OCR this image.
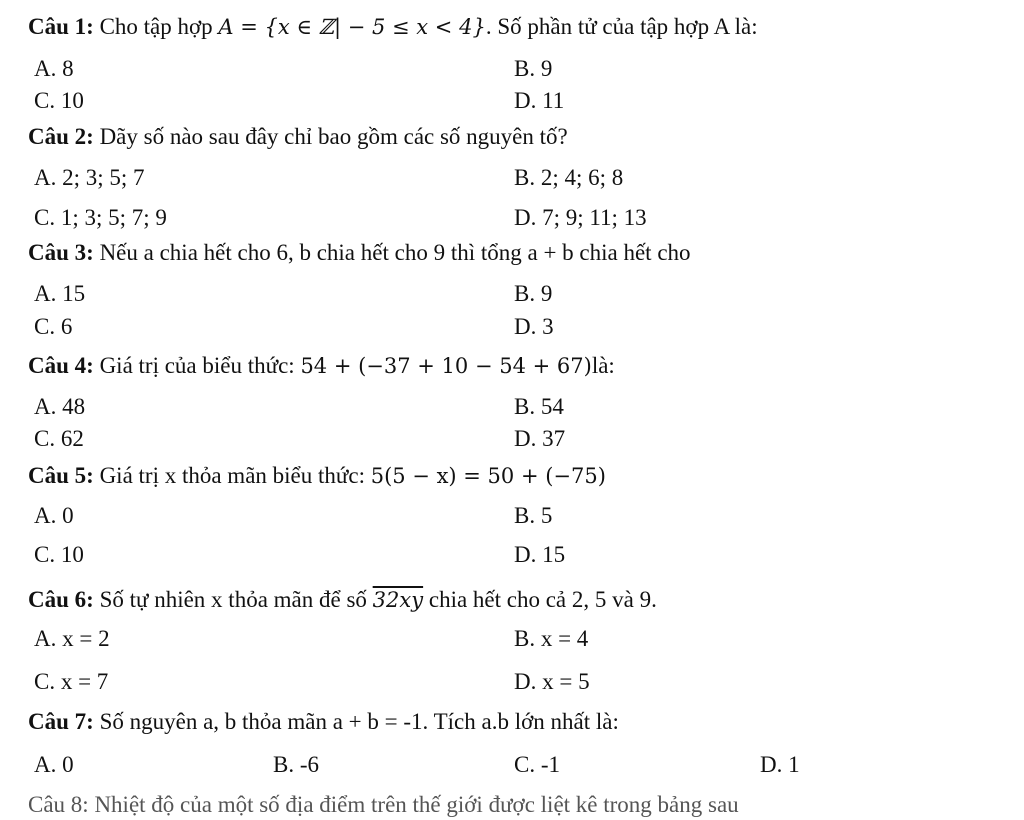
Câu 1: Cho tập hợp A = {x ∈ ℤ| − 5 ≤ x < 4}. Số phần tử của tập hợp A là:
A. 8	B. 9
C. 10	D. 11
Câu 2: Dãy số nào sau đây chỉ bao gồm các số nguyên tố?
A. 2; 3; 5; 7	B. 2; 4; 6; 8
C. 1; 3; 5; 7; 9	D. 7; 9; 11; 13
Câu 3: Nếu a chia hết cho 6, b chia hết cho 9 thì tổng a + b chia hết cho
A. 15	B. 9
C. 6	D. 3
Câu 4: Giá trị của biểu thức: 54 + (−37 + 10 − 54 + 67)là:
A. 48	B. 54
C. 62	D. 37
Câu 5: Giá trị x thỏa mãn biểu thức: 5(5 − x) = 50 + (−75)
A. 0	B. 5
C. 10	D. 15
Câu 6: Số tự nhiên x thỏa mãn để số 32xy chia hết cho cả 2, 5 và 9.
A. x = 2	B. x = 4
C. x = 7	D. x = 5
Câu 7: Số nguyên a, b thỏa mãn a + b = -1. Tích a.b lớn nhất là:
A. 0	B. -6	C. -1	D. 1
Câu 8: Nhiệt độ của một số địa điểm trên thế giới được liệt kê trong bảng sau
